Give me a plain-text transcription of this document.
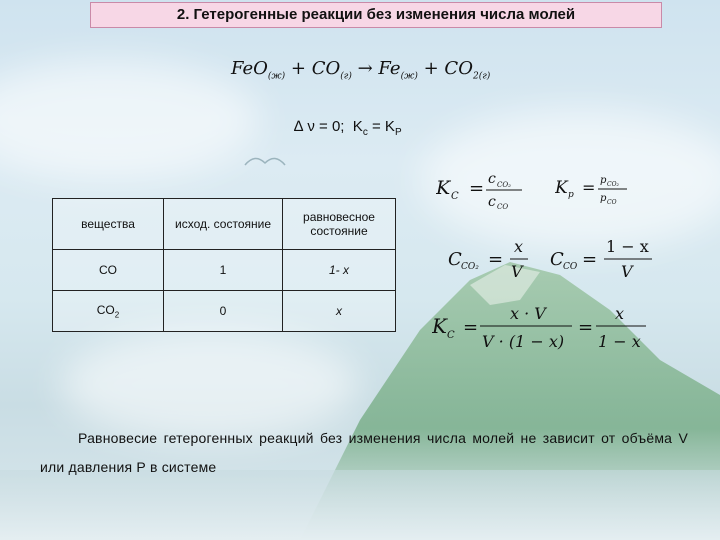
2. Гетерогенные реакции без изменения числа молей
$FeO_{(ж)} + CO_{(г)} \to Fe_{(ж)} + CO_{2(г)}$
∆ ν = 0; $K_c = K_P$
вещества	исход. состояние	равновесное состояние
CO	1	1- x
$CO_2$	0	x
K C = c CO₂
c CO
K p = p CO₂
p CO
C CO₂ =
x
V
C CO =
1 − x
V
K C =
x · V
V · (1 − x)
=
x
1 − x
Равновесие гетерогенных реакций без изменения числа молей не зависит от объёма V или давления Р в системе
